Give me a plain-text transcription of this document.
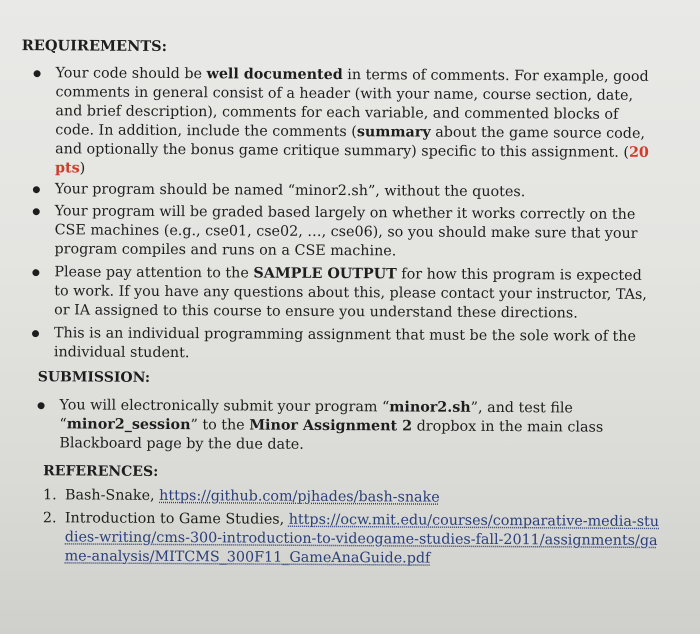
REQUIREMENTS:
Your code should be well documented in terms of comments. For example, good comments in general consist of a header (with your name, course section, date, and brief description), comments for each variable, and commented blocks of code. In addition, include the comments (summary about the game source code, and optionally the bonus game critique summary) specific to this assignment. (20 pts)
Your program should be named “minor2.sh”, without the quotes.
Your program will be graded based largely on whether it works correctly on the CSE machines (e.g., cse01, cse02, …, cse06), so you should make sure that your program compiles and runs on a CSE machine.
Please pay attention to the SAMPLE OUTPUT for how this program is expected to work. If you have any questions about this, please contact your instructor, TAs, or IA assigned to this course to ensure you understand these directions.
This is an individual programming assignment that must be the sole work of the individual student.
SUBMISSION:
You will electronically submit your program “minor2.sh”, and test file “minor2_session” to the Minor Assignment 2 dropbox in the main class Blackboard page by the due date.
REFERENCES:
1. Bash-Snake, https://github.com/pjhades/bash-snake
2. Introduction to Game Studies, https://ocw.mit.edu/courses/comparative-media-studies-writing/cms-300-introduction-to-videogame-studies-fall-2011/assignments/game-analysis/MITCMS_300F11_GameAnaGuide.pdf
